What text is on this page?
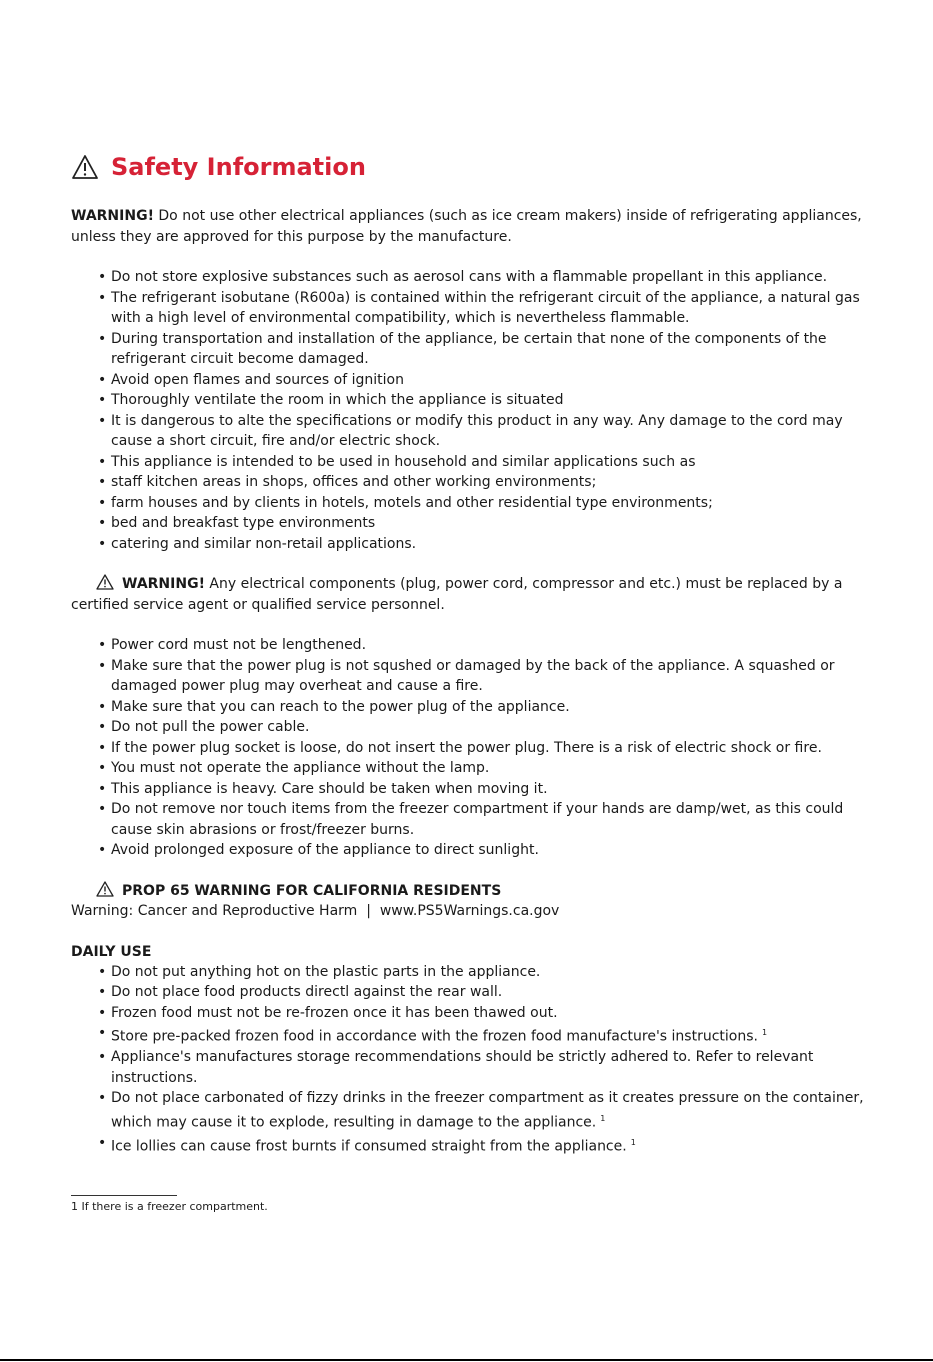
Safety Information

WARNING! Do not use other electrical appliances (such as ice cream makers) inside of refrigerating appliances, unless they are approved for this purpose by the manufacture.

• Do not store explosive substances such as aerosol cans with a flammable propellant in this appliance.
• The refrigerant isobutane (R600a) is contained within the refrigerant circuit of the appliance, a natural gas with a high level of environmental compatibility, which is nevertheless flammable.
• During transportation and installation of the appliance, be certain that none of the components of the refrigerant circuit become damaged.
• Avoid open flames and sources of ignition
• Thoroughly ventilate the room in which the appliance is situated
• It is dangerous to alte the specifications or modify this product in any way. Any damage to the cord may cause a short circuit, fire and/or electric shock.
• This appliance is intended to be used in household and similar applications such as
• staff kitchen areas in shops, offices and other working environments;
• farm houses and by clients in hotels, motels and other residential type environments;
• bed and breakfast type environments
• catering and similar non-retail applications.

WARNING! Any electrical components (plug, power cord, compressor and etc.) must be replaced by a certified service agent or qualified service personnel.

• Power cord must not be lengthened.
• Make sure that the power plug is not squshed or damaged by the back of the appliance. A squashed or damaged power plug may overheat and cause a fire.
• Make sure that you can reach to the power plug of the appliance.
• Do not pull the power cable.
• If the power plug socket is loose, do not insert the power plug. There is a risk of electric shock or fire.
• You must not operate the appliance without the lamp.
• This appliance is heavy. Care should be taken when moving it.
• Do not remove nor touch items from the freezer compartment if your hands are damp/wet, as this could cause skin abrasions or frost/freezer burns.
• Avoid prolonged exposure of the appliance to direct sunlight.

PROP 65 WARNING FOR CALIFORNIA RESIDENTS

Warning: Cancer and Reproductive Harm  |  www.PS5Warnings.ca.gov

DAILY USE

• Do not put anything hot on the plastic parts in the appliance.
• Do not place food products directl against the rear wall.
• Frozen food must not be re-frozen once it has been thawed out.
• Store pre-packed frozen food in accordance with the frozen food manufacture's instructions. $^1$
• Appliance's manufactures storage recommendations should be strictly adhered to. Refer to relevant instructions.
• Do not place carbonated of fizzy drinks in the freezer compartment as it creates pressure on the container, which may cause it to explode, resulting in damage to the appliance. $^1$
• Ice lollies can cause frost burnts if consumed straight from the appliance. $^1$
1 If there is a freezer compartment.
